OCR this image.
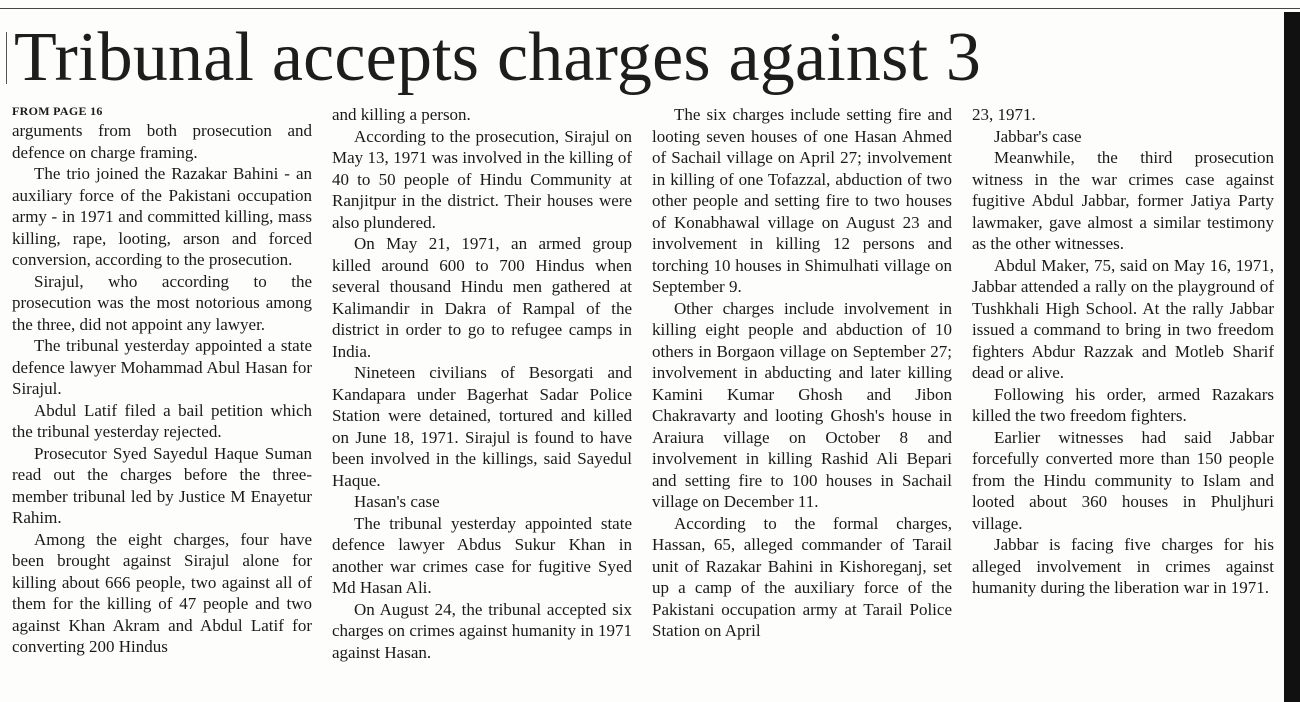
Tribunal accepts charges against 3
FROM PAGE 16

arguments from both prosecution and defence on charge framing.

The trio joined the Razakar Bahini - an auxiliary force of the Pakistani occupation army - in 1971 and committed killing, mass killing, rape, looting, arson and forced conversion, according to the prosecution.

Sirajul, who according to the prosecution was the most notorious among the three, did not appoint any lawyer.

The tribunal yesterday appointed a state defence lawyer Mohammad Abul Hasan for Sirajul.

Abdul Latif filed a bail petition which the tribunal yesterday rejected.

Prosecutor Syed Sayedul Haque Suman read out the charges before the three-member tribunal led by Justice M Enayetur Rahim.

Among the eight charges, four have been brought against Sirajul alone for killing about 666 people, two against all of them for the killing of 47 people and two against Khan Akram and Abdul Latif for converting 200 Hindus

and killing a person.

According to the prosecution, Sirajul on May 13, 1971 was involved in the killing of 40 to 50 people of Hindu Community at Ranjitpur in the district. Their houses were also plundered.

On May 21, 1971, an armed group killed around 600 to 700 Hindus when several thousand Hindu men gathered at Kalimandir in Dakra of Rampal of the district in order to go to refugee camps in India.

Nineteen civilians of Besorgati and Kandapara under Bagerhat Sadar Police Station were detained, tortured and killed on June 18, 1971. Sirajul is found to have been involved in the killings, said Sayedul Haque.

Hasan's case

The tribunal yesterday appointed state defence lawyer Abdus Sukur Khan in another war crimes case for fugitive Syed Md Hasan Ali.

On August 24, the tribunal accepted six charges on crimes against humanity in 1971 against Hasan.

The six charges include setting fire and looting seven houses of one Hasan Ahmed of Sachail village on April 27; involvement in killing of one Tofazzal, abduction of two other people and setting fire to two houses of Konabhawal village on August 23 and involvement in killing 12 persons and torching 10 houses in Shimulhati village on September 9.

Other charges include involvement in killing eight people and abduction of 10 others in Borgaon village on September 27; involvement in abducting and later killing Kamini Kumar Ghosh and Jibon Chakravarty and looting Ghosh's house in Araiura village on October 8 and involvement in killing Rashid Ali Bepari and setting fire to 100 houses in Sachail village on December 11.

According to the formal charges, Hassan, 65, alleged commander of Tarail unit of Razakar Bahini in Kishoreganj, set up a camp of the auxiliary force of the Pakistani occupation army at Tarail Police Station on April

23, 1971.

Jabbar's case

Meanwhile, the third prosecution witness in the war crimes case against fugitive Abdul Jabbar, former Jatiya Party lawmaker, gave almost a similar testimony as the other witnesses.

Abdul Maker, 75, said on May 16, 1971, Jabbar attended a rally on the playground of Tushkhali High School. At the rally Jabbar issued a command to bring in two freedom fighters Abdur Razzak and Motleb Sharif dead or alive.

Following his order, armed Razakars killed the two freedom fighters.

Earlier witnesses had said Jabbar forcefully converted more than 150 people from the Hindu community to Islam and looted about 360 houses in Phuljhuri village.

Jabbar is facing five charges for his alleged involvement in crimes against humanity during the liberation war in 1971.
